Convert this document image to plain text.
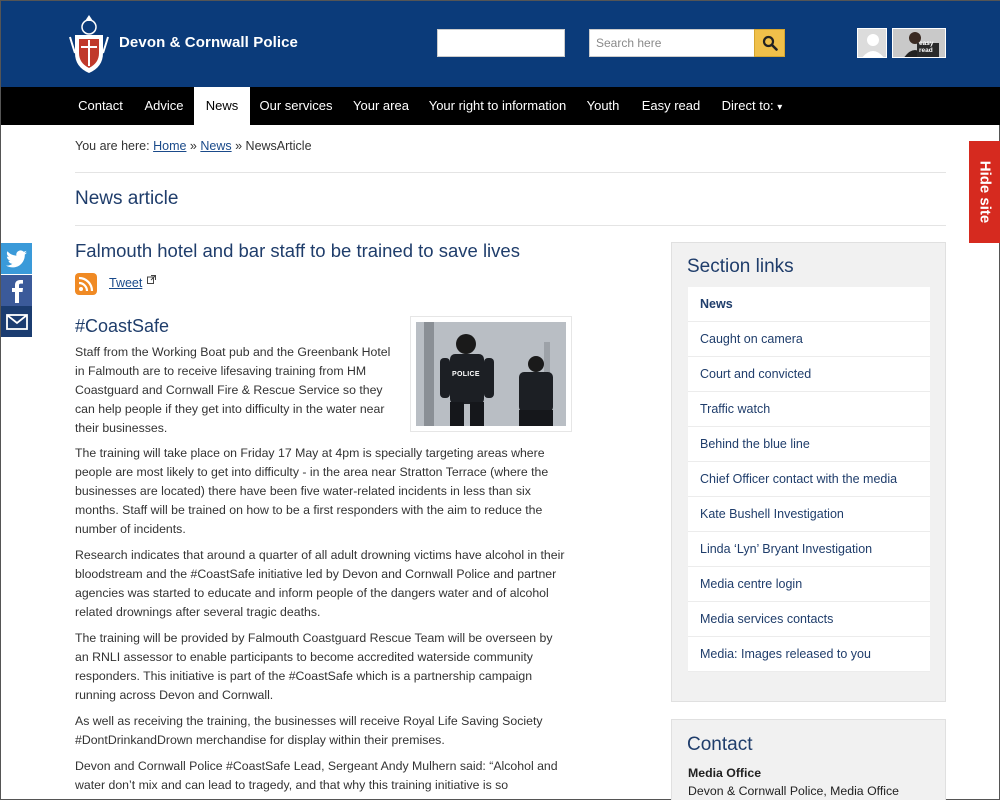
Devon & Cornwall Police
Search here	easy read
Contact	Advice	News	Our services	Your area	Your right to information	Youth	Easy read	Direct to: ▾
You are here: Home » News » NewsArticle
News article	Hide site
Falmouth hotel and bar staff to be trained to save lives
Tweet
#CoastSafe
POLICE
Staff from the Working Boat pub and the Greenbank Hotel
in Falmouth are to receive lifesaving training from HM
Coastguard and Cornwall Fire & Rescue Service so they
can help people if they get into difficulty in the water near
their businesses.
The training will take place on Friday 17 May at 4pm is specially targeting areas where
people are most likely to get into difficulty - in the area near Stratton Terrace (where the
businesses are located) there have been five water-related incidents in less than six
months. Staff will be trained on how to be a first responders with the aim to reduce the
number of incidents.
Research indicates that around a quarter of all adult drowning victims have alcohol in their
bloodstream and the #CoastSafe initiative led by Devon and Cornwall Police and partner
agencies was started to educate and inform people of the dangers water and of alcohol
related drownings after several tragic deaths.
The training will be provided by Falmouth Coastguard Rescue Team will be overseen by
an RNLI assessor to enable participants to become accredited waterside community
responders. This initiative is part of the #CoastSafe which is a partnership campaign
running across Devon and Cornwall.
As well as receiving the training, the businesses will receive Royal Life Saving Society
#DontDrinkandDrown merchandise for display within their premises.
Devon and Cornwall Police #CoastSafe Lead, Sergeant Andy Mulhern said: “Alcohol and
water don’t mix and can lead to tragedy, and that why this training initiative is so
Section links
News
Caught on camera
Court and convicted
Traffic watch
Behind the blue line
Chief Officer contact with the media
Kate Bushell Investigation
Linda ‘Lyn’ Bryant Investigation
Media centre login
Media services contacts
Media: Images released to you
Contact
Media Office
Devon & Cornwall Police, Media Office
